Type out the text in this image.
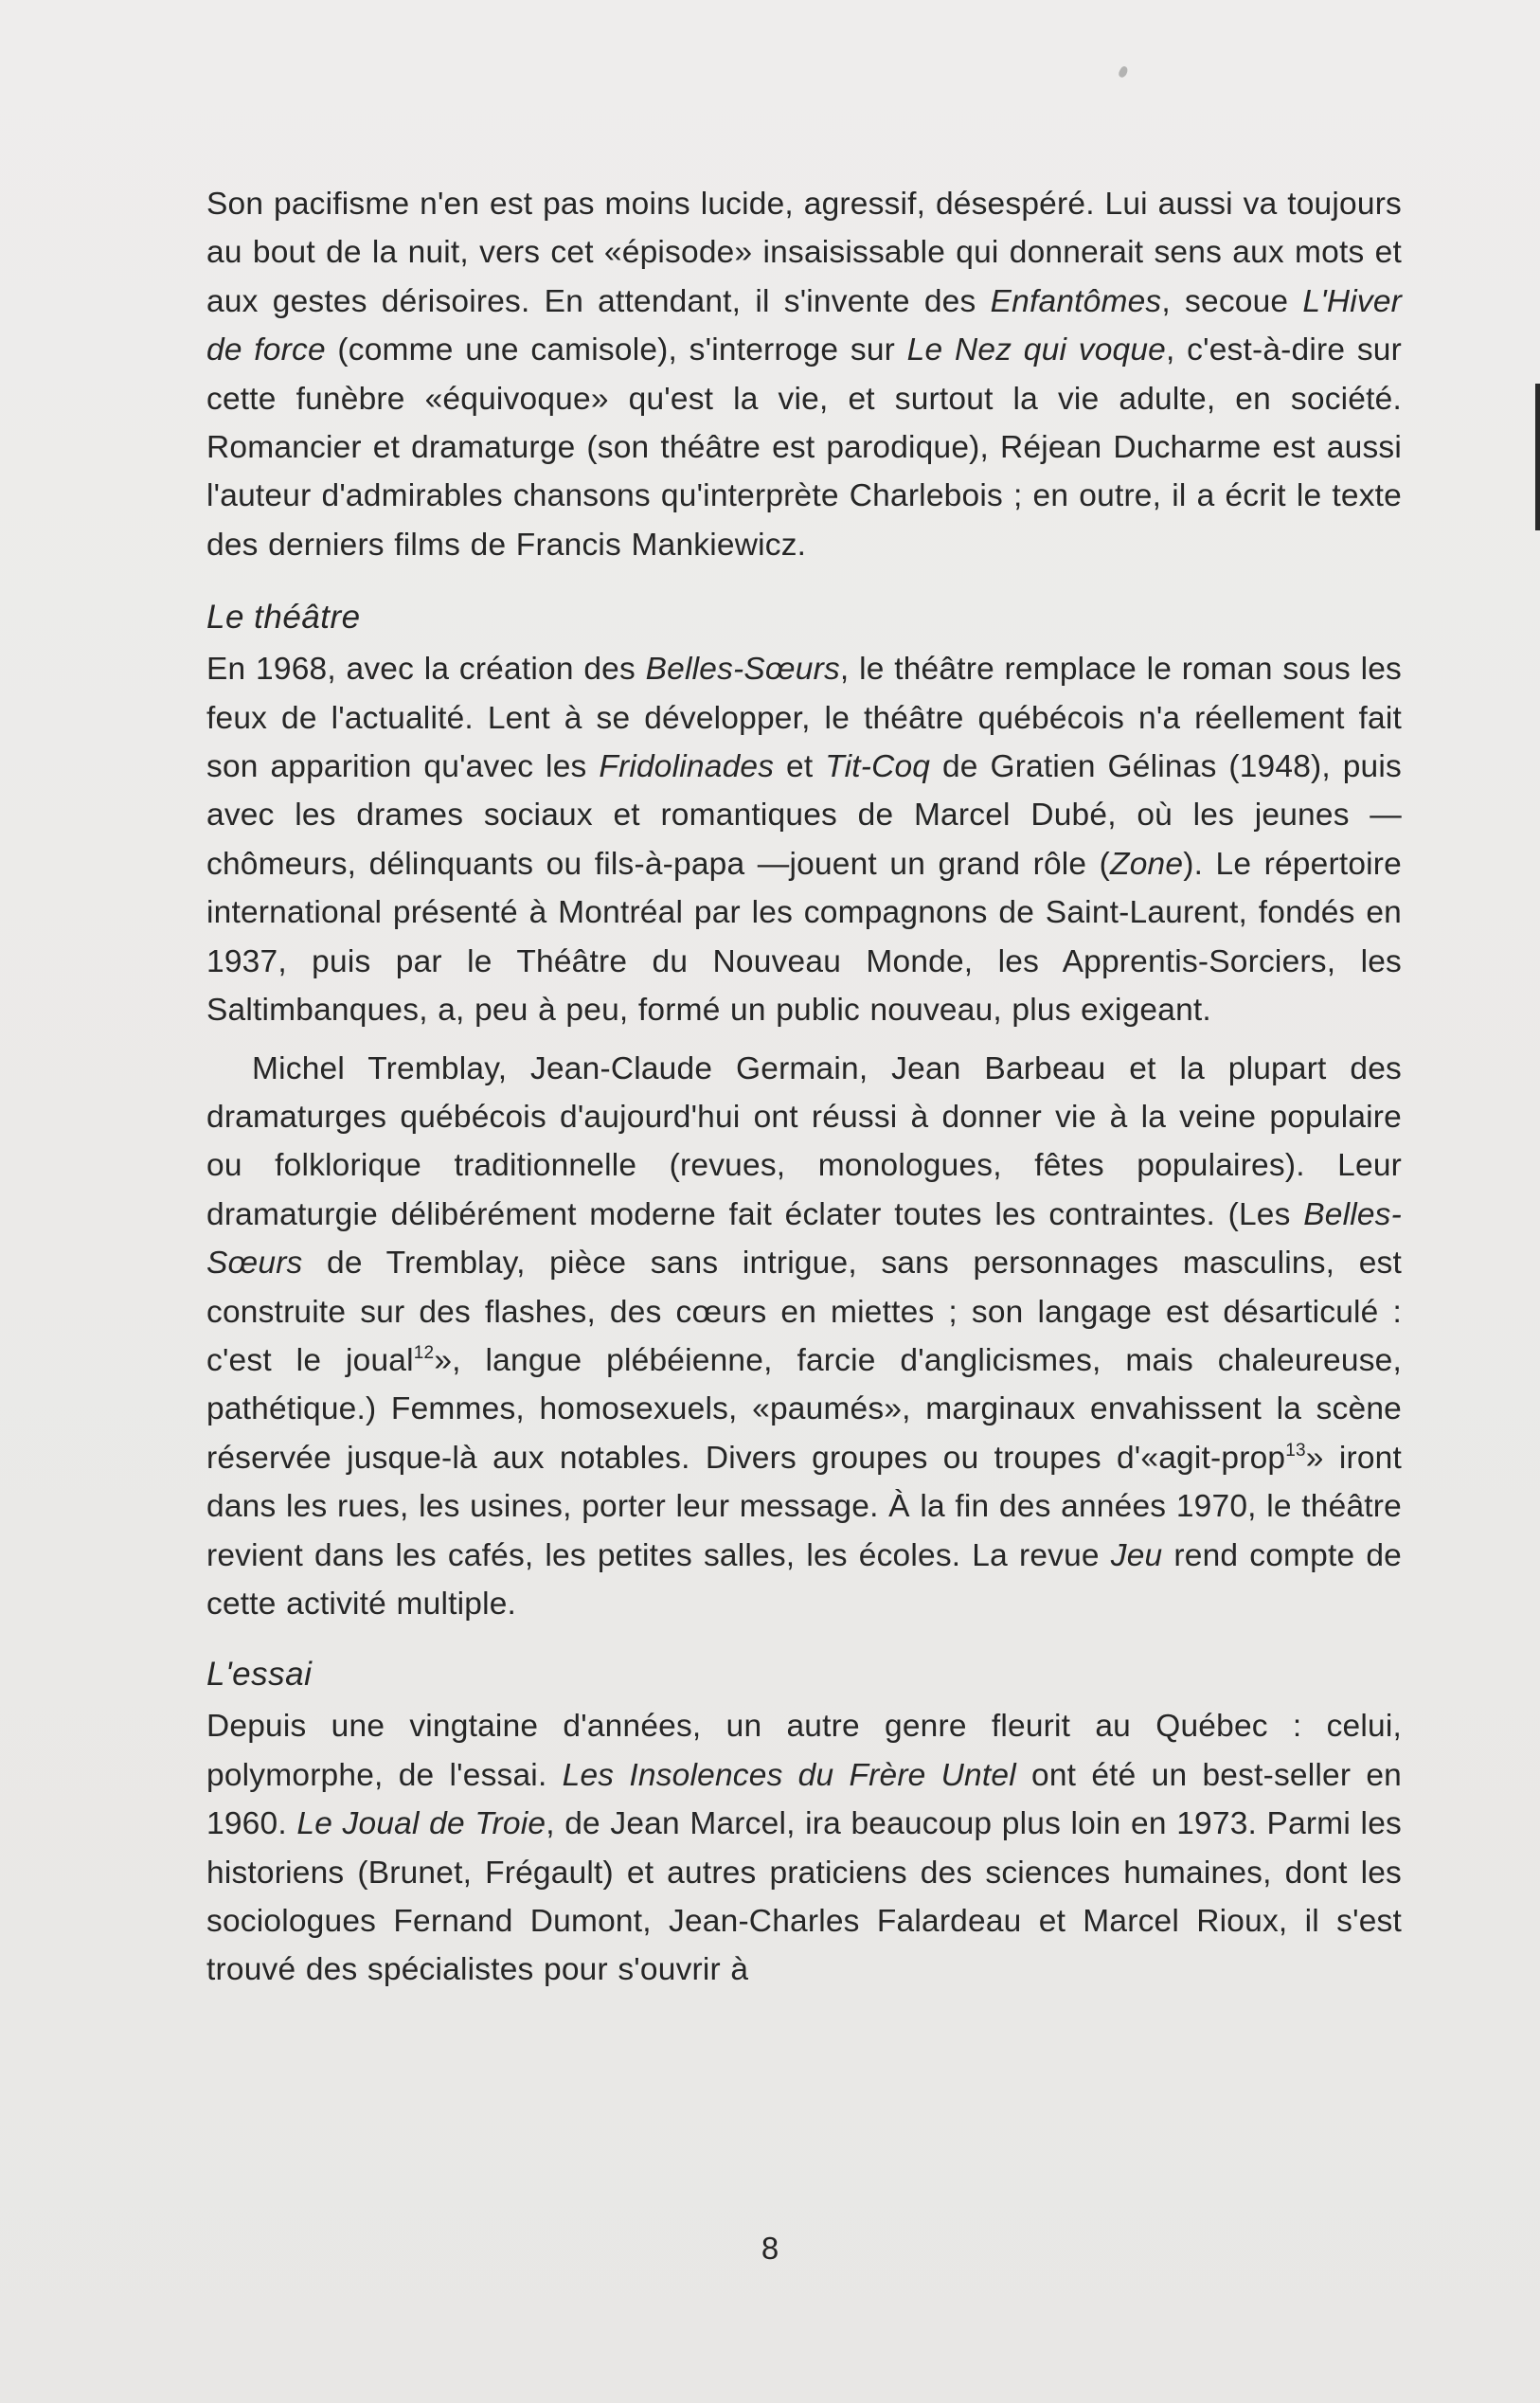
Son pacifisme n'en est pas moins lucide, agressif, désespéré. Lui aussi va toujours au bout de la nuit, vers cet «épisode» insaisissable qui donnerait sens aux mots et aux gestes dérisoires. En attendant, il s'invente des Enfantômes, secoue L'Hiver de force (comme une camisole), s'interroge sur Le Nez qui voque, c'est-à-dire sur cette funèbre «équivoque» qu'est la vie, et surtout la vie adulte, en société. Romancier et dramaturge (son théâtre est parodique), Réjean Ducharme est aussi l'auteur d'admirables chansons qu'interprète Charlebois ; en outre, il a écrit le texte des derniers films de Francis Mankiewicz.

Le théâtre

En 1968, avec la création des Belles-Sœurs, le théâtre remplace le roman sous les feux de l'actualité. Lent à se développer, le théâtre québécois n'a réellement fait son apparition qu'avec les Fridolinades et Tit-Coq de Gratien Gélinas (1948), puis avec les drames sociaux et romantiques de Marcel Dubé, où les jeunes — chômeurs, délinquants ou fils-à-papa —jouent un grand rôle (Zone). Le répertoire international présenté à Montréal par les compagnons de Saint-Laurent, fondés en 1937, puis par le Théâtre du Nouveau Monde, les Apprentis-Sorciers, les Saltimbanques, a, peu à peu, formé un public nouveau, plus exigeant.

Michel Tremblay, Jean-Claude Germain, Jean Barbeau et la plupart des dramaturges québécois d'aujourd'hui ont réussi à donner vie à la veine populaire ou folklorique traditionnelle (revues, monologues, fêtes populaires). Leur dramaturgie délibérément moderne fait éclater toutes les contraintes. (Les Belles-Sœurs de Tremblay, pièce sans intrigue, sans personnages masculins, est construite sur des flashes, des cœurs en miettes ; son langage est désarticulé : c'est le joual$^{12}$», langue plébéienne, farcie d'anglicismes, mais chaleureuse, pathétique.) Femmes, homosexuels, «paumés», marginaux envahissent la scène réservée jusque-là aux notables. Divers groupes ou troupes d'«agit-prop$^{13}$» iront dans les rues, les usines, porter leur message. À la fin des années 1970, le théâtre revient dans les cafés, les petites salles, les écoles. La revue Jeu rend compte de cette activité multiple.

L'essai

Depuis une vingtaine d'années, un autre genre fleurit au Québec : celui, polymorphe, de l'essai. Les Insolences du Frère Untel ont été un best-seller en 1960. Le Joual de Troie, de Jean Marcel, ira beaucoup plus loin en 1973. Parmi les historiens (Brunet, Frégault) et autres praticiens des sciences humaines, dont les sociologues Fernand Dumont, Jean-Charles Falardeau et Marcel Rioux, il s'est trouvé des spécialistes pour s'ouvrir à

8
